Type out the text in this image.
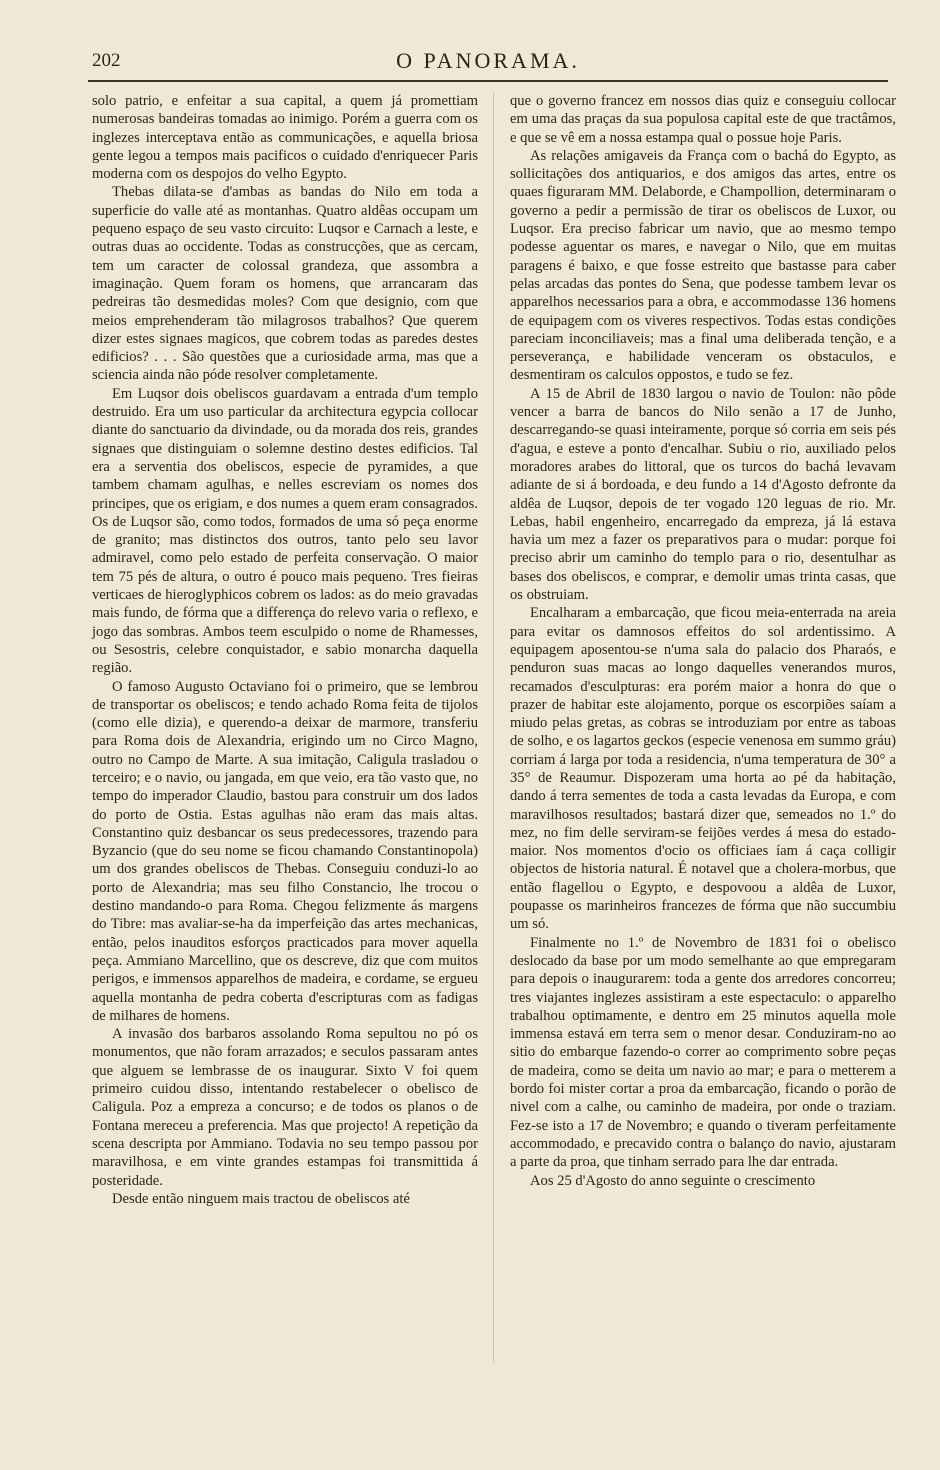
202	O PANORAMA.

solo patrio, e enfeitar a sua capital, a quem já promettiam numerosas bandeiras tomadas ao inimigo. Porém a guerra com os inglezes interceptava então as communicações, e aquella briosa gente legou a tempos mais pacificos o cuidado d'enriquecer Paris moderna com os despojos do velho Egypto.

Thebas dilata-se d'ambas as bandas do Nilo em toda a superficie do valle até as montanhas. Quatro aldêas occupam um pequeno espaço de seu vasto circuito: Luqsor e Carnach a leste, e outras duas ao occidente. Todas as construcções, que as cercam, tem um caracter de colossal grandeza, que assombra a imaginação. Quem foram os homens, que arrancaram das pedreiras tão desmedidas moles? Com que designio, com que meios emprehenderam tão milagrosos trabalhos? Que querem dizer estes signaes magicos, que cobrem todas as paredes destes edificios? . . . São questões que a curiosidade arma, mas que a sciencia ainda não póde resolver completamente.

Em Luqsor dois obeliscos guardavam a entrada d'um templo destruido. Era um uso particular da architectura egypcia collocar diante do sanctuario da divindade, ou da morada dos reis, grandes signaes que distinguiam o solemne destino destes edificios. Tal era a serventia dos obeliscos, especie de pyramides, a que tambem chamam agulhas, e nelles escreviam os nomes dos principes, que os erigiam, e dos numes a quem eram consagrados. Os de Luqsor são, como todos, formados de uma só peça enorme de granito; mas distinctos dos outros, tanto pelo seu lavor admiravel, como pelo estado de perfeita conservação. O maior tem 75 pés de altura, o outro é pouco mais pequeno. Tres fieiras verticaes de hieroglyphicos cobrem os lados: as do meio gravadas mais fundo, de fórma que a differença do relevo varia o reflexo, e jogo das sombras. Ambos teem esculpido o nome de Rhamesses, ou Sesostris, celebre conquistador, e sabio monarcha daquella região.

O famoso Augusto Octaviano foi o primeiro, que se lembrou de transportar os obeliscos; e tendo achado Roma feita de tijolos (como elle dizia), e querendo-a deixar de marmore, transferiu para Roma dois de Alexandria, erigindo um no Circo Magno, outro no Campo de Marte. A sua imitação, Caligula trasladou o terceiro; e o navio, ou jangada, em que veio, era tão vasto que, no tempo do imperador Claudio, bastou para construir um dos lados do porto de Ostia. Estas agulhas não eram das mais altas. Constantino quiz desbancar os seus predecessores, trazendo para Byzancio (que do seu nome se ficou chamando Constantinopola) um dos grandes obeliscos de Thebas. Conseguiu conduzi-lo ao porto de Alexandria; mas seu filho Constancio, lhe trocou o destino mandando-o para Roma. Chegou felizmente ás margens do Tibre: mas avaliar-se-ha da imperfeição das artes mechanicas, então, pelos inauditos esforços practicados para mover aquella peça. Ammiano Marcellino, que os descreve, diz que com muitos perigos, e immensos apparelhos de madeira, e cordame, se ergueu aquella montanha de pedra coberta d'escripturas com as fadigas de milhares de homens.

A invasão dos barbaros assolando Roma sepultou no pó os monumentos, que não foram arrazados; e seculos passaram antes que alguem se lembrasse de os inaugurar. Sixto V foi quem primeiro cuidou disso, intentando restabelecer o obelisco de Caligula. Poz a empreza a concurso; e de todos os planos o de Fontana mereceu a preferencia. Mas que projecto! A repetição da scena descripta por Ammiano. Todavia no seu tempo passou por maravilhosa, e em vinte grandes estampas foi transmittida á posteridade.

Desde então ninguem mais tractou de obeliscos até

que o governo francez em nossos dias quiz e conseguiu collocar em uma das praças da sua populosa capital este de que tractâmos, e que se vê em a nossa estampa qual o possue hoje Paris.

As relações amigaveis da França com o bachá do Egypto, as sollicitações dos antiquarios, e dos amigos das artes, entre os quaes figuraram MM. Delaborde, e Champollion, determinaram o governo a pedir a permissão de tirar os obeliscos de Luxor, ou Luqsor. Era preciso fabricar um navio, que ao mesmo tempo podesse aguentar os mares, e navegar o Nilo, que em muitas paragens é baixo, e que fosse estreito que bastasse para caber pelas arcadas das pontes do Sena, que podesse tambem levar os apparelhos necessarios para a obra, e accommodasse 136 homens de equipagem com os viveres respectivos. Todas estas condições pareciam inconciliaveis; mas a final uma deliberada tenção, e a perseverança, e habilidade venceram os obstaculos, e desmentiram os calculos oppostos, e tudo se fez.

A 15 de Abril de 1830 largou o navio de Toulon: não pôde vencer a barra de bancos do Nilo senão a 17 de Junho, descarregando-se quasi inteiramente, porque só corria em seis pés d'agua, e esteve a ponto d'encalhar. Subiu o rio, auxiliado pelos moradores arabes do littoral, que os turcos do bachá levavam adiante de si á bordoada, e deu fundo a 14 d'Agosto defronte da aldêa de Luqsor, depois de ter vogado 120 leguas de rio. Mr. Lebas, habil engenheiro, encarregado da empreza, já lá estava havia um mez a fazer os preparativos para o mudar: porque foi preciso abrir um caminho do templo para o rio, desentulhar as bases dos obeliscos, e comprar, e demolir umas trinta casas, que os obstruiam.

Encalharam a embarcação, que ficou meia-enterrada na areia para evitar os damnosos effeitos do sol ardentissimo. A equipagem aposentou-se n'uma sala do palacio dos Pharaós, e penduron suas macas ao longo daquelles venerandos muros, recamados d'esculpturas: era porém maior a honra do que o prazer de habitar este alojamento, porque os escorpiões saíam a miudo pelas gretas, as cobras se introduziam por entre as taboas de solho, e os lagartos geckos (especie venenosa em summo gráu) corriam á larga por toda a residencia, n'uma temperatura de 30° a 35° de Reaumur. Dispozeram uma horta ao pé da habitação, dando á terra sementes de toda a casta levadas da Europa, e com maravilhosos resultados; bastará dizer que, semeados no 1.º do mez, no fim delle serviram-se feijões verdes á mesa do estado-maior. Nos momentos d'ocio os officiaes íam á caça colligir objectos de historia natural. É notavel que a cholera-morbus, que então flagellou o Egypto, e despovoou a aldêa de Luxor, poupasse os marinheiros francezes de fórma que não succumbiu um só.

Finalmente no 1.º de Novembro de 1831 foi o obelisco deslocado da base por um modo semelhante ao que empregaram para depois o inaugurarem: toda a gente dos arredores concorreu; tres viajantes inglezes assistiram a este espectaculo: o apparelho trabalhou optimamente, e dentro em 25 minutos aquella mole immensa estavá em terra sem o menor desar. Conduziram-no ao sitio do embarque fazendo-o correr ao comprimento sobre peças de madeira, como se deita um navio ao mar; e para o metterem a bordo foi mister cortar a proa da embarcação, ficando o porão de nivel com a calhe, ou caminho de madeira, por onde o traziam. Fez-se isto a 17 de Novembro; e quando o tiveram perfeitamente accommodado, e precavido contra o balanço do navio, ajustaram a parte da proa, que tinham serrado para lhe dar entrada.

Aos 25 d'Agosto do anno seguinte o crescimento
